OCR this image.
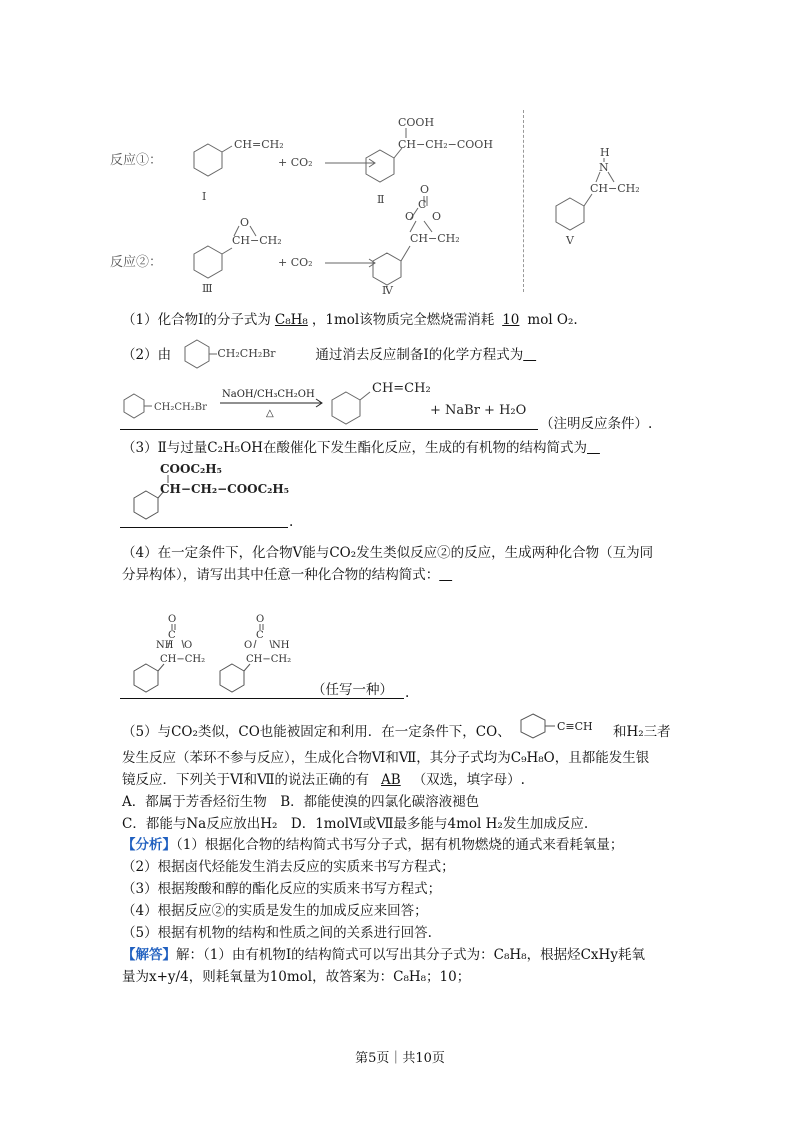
反应①：
CH=CH₂
+ CO₂
COOH
CH−CH₂−COOH
Ⅰ	Ⅱ
反应②：
O
CH−CH₂
+ CO₂
O
C
O O
CH−CH₂
Ⅲ	Ⅳ
H
N
CH−CH₂
Ⅴ
（1）化合物Ⅰ的分子式为 C₈H₈ ，1mol该物质完全燃烧需消耗 10 mol O₂.
（2）由	CH₂CH₂Br	通过消去反应制备Ⅰ的化学方程式为
CH₂CH₂Br
NaOH/CH₃CH₂OH
△
CH=CH₂
+ NaBr + H₂O
（注明反应条件）.
（3）Ⅱ与过量C₂H₅OH在酸催化下发生酯化反应，生成的有机物的结构简式为
COOC₂H₅
CH−CH₂−COOC₂H₅
.
（4）在一定条件下，化合物Ⅴ能与CO₂发生类似反应②的反应，生成两种化合物（互为同
分异构体），请写出其中任意一种化合物的结构简式：
O
C
NH O
CH−CH₂
O
C
O NH
CH−CH₂
（任写一种） .
（5）与CO₂类似，CO也能被固定和利用．在一定条件下，CO、	C≡CH 和H₂三者
发生反应（苯环不参与反应），生成化合物Ⅵ和Ⅶ，其分子式均为C₉H₈O，且都能发生银
镜反应．下列关于Ⅵ和Ⅶ的说法正确的有 AB （双选，填字母）.
A．都属于芳香烃衍生物　B．都能使溴的四氯化碳溶液褪色
C．都能与Na反应放出H₂　D．1molⅥ或Ⅶ最多能与4mol H₂发生加成反应.
【分析】（1）根据化合物的结构简式书写分子式，据有机物燃烧的通式来看耗氧量；
（2）根据卤代烃能发生消去反应的实质来书写方程式；
（3）根据羧酸和醇的酯化反应的实质来书写方程式；
（4）根据反应②的实质是发生的加成反应来回答；
（5）根据有机物的结构和性质之间的关系进行回答.
【解答】解：（1）由有机物Ⅰ的结构简式可以写出其分子式为：C₈H₈，根据烃CxHy耗氧
量为x+y/4，则耗氧量为10mol，故答案为：C₈H₈；10；
第5页｜共10页
